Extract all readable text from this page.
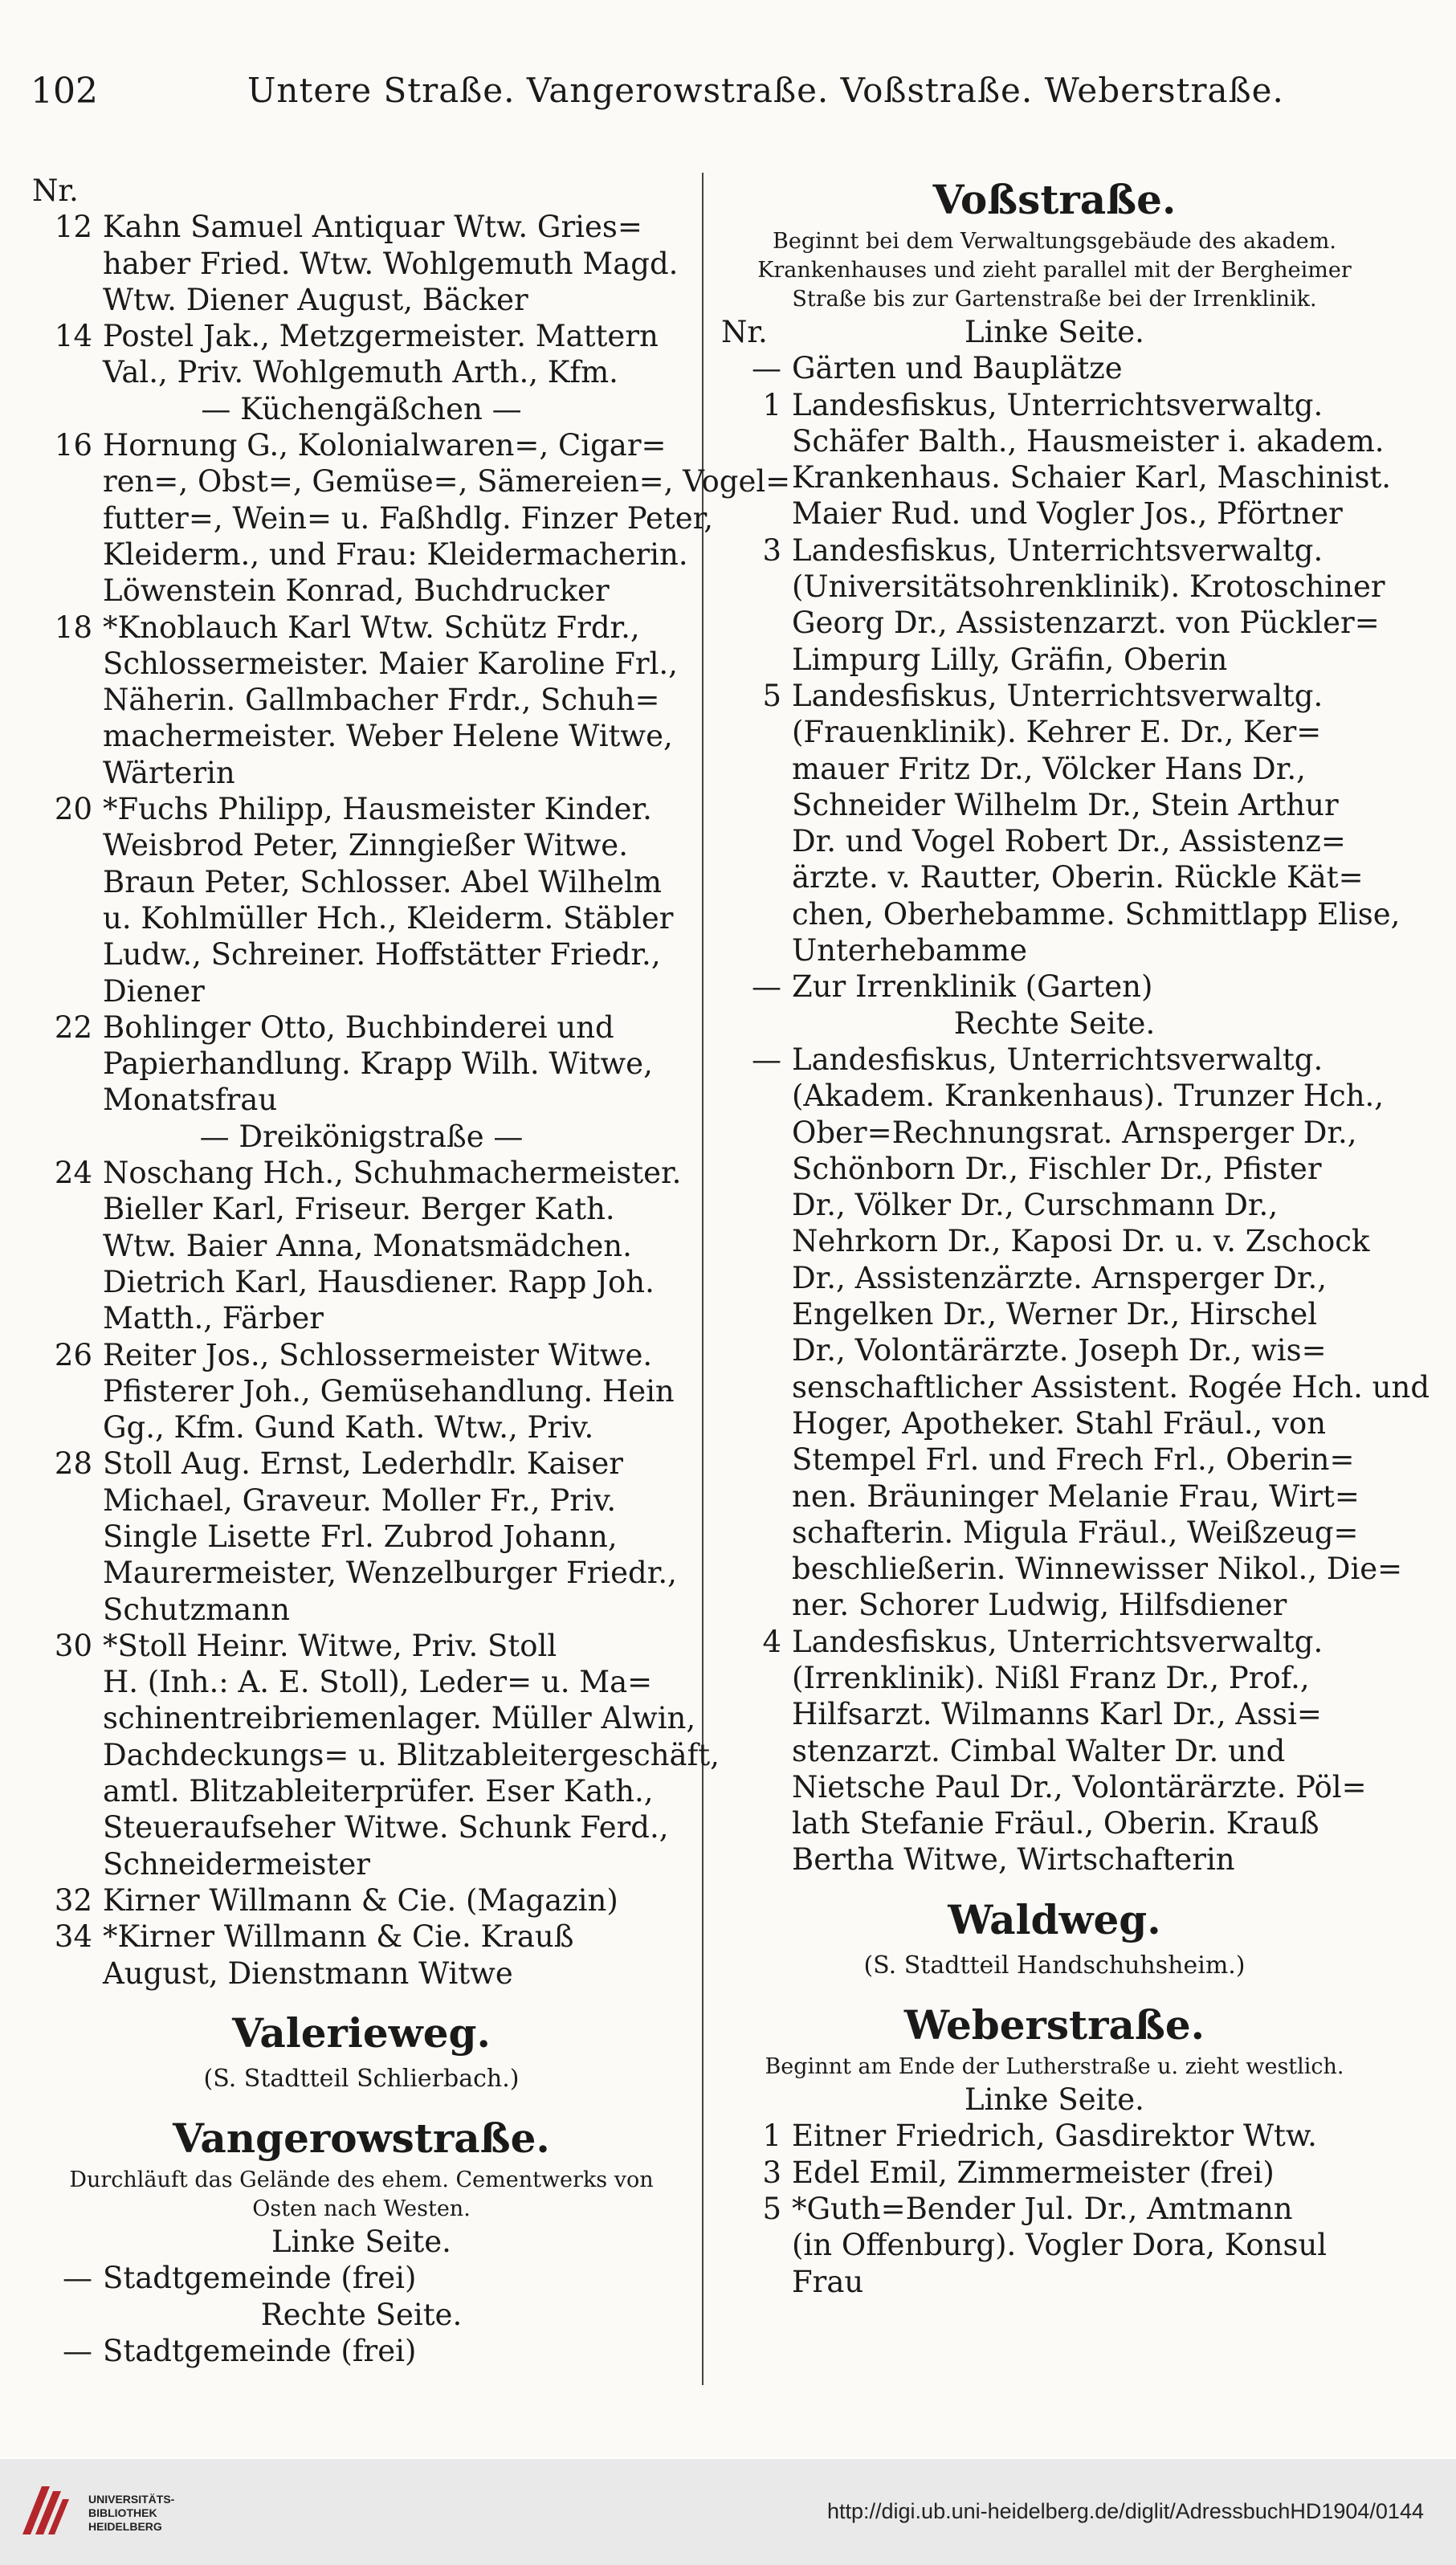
102	Untere Straße. Vangerowstraße. Voßstraße. Weberstraße.
Nr.
12 Kahn Samuel Antiquar Wtw. Gries=
haber Fried. Wtw. Wohlgemuth Magd.
Wtw. Diener August, Bäcker
14 Postel Jak., Metzgermeister. Mattern
Val., Priv. Wohlgemuth Arth., Kfm.
— Küchengäßchen —
16 Hornung G., Kolonialwaren=, Cigar=
ren=, Obst=, Gemüse=, Sämereien=, Vogel=
futter=, Wein= u. Faßhdlg. Finzer Peter,
Kleiderm., und Frau: Kleidermacherin.
Löwenstein Konrad, Buchdrucker
18 *Knoblauch Karl Wtw. Schütz Frdr.,
Schlossermeister. Maier Karoline Frl.,
Näherin. Gallmbacher Frdr., Schuh=
machermeister. Weber Helene Witwe,
Wärterin
20 *Fuchs Philipp, Hausmeister Kinder.
Weisbrod Peter, Zinngießer Witwe.
Braun Peter, Schlosser. Abel Wilhelm
u. Kohlmüller Hch., Kleiderm. Stäbler
Ludw., Schreiner. Hoffstätter Friedr.,
Diener
22 Bohlinger Otto, Buchbinderei und
Papierhandlung. Krapp Wilh. Witwe,
Monatsfrau
— Dreikönigstraße —
24 Noschang Hch., Schuhmachermeister.
Bieller Karl, Friseur. Berger Kath.
Wtw. Baier Anna, Monatsmädchen.
Dietrich Karl, Hausdiener. Rapp Joh.
Matth., Färber
26 Reiter Jos., Schlossermeister Witwe.
Pfisterer Joh., Gemüsehandlung. Hein
Gg., Kfm. Gund Kath. Wtw., Priv.
28 Stoll Aug. Ernst, Lederhdlr. Kaiser
Michael, Graveur. Moller Fr., Priv.
Single Lisette Frl. Zubrod Johann,
Maurermeister, Wenzelburger Friedr.,
Schutzmann
30 *Stoll Heinr. Witwe, Priv. Stoll
H. (Inh.: A. E. Stoll), Leder= u. Ma=
schinentreibriemenlager. Müller Alwin,
Dachdeckungs= u. Blitzableitergeschäft,
amtl. Blitzableiterprüfer. Eser Kath.,
Steueraufseher Witwe. Schunk Ferd.,
Schneidermeister
32 Kirner Willmann & Cie. (Magazin)
34 *Kirner Willmann & Cie. Krauß
August, Dienstmann Witwe
Valerieweg.
(S. Stadtteil Schlierbach.)
Vangerowstraße.
Durchläuft das Gelände des ehem. Cementwerks von
Osten nach Westen.
Linke Seite.
— Stadtgemeinde (frei)
Rechte Seite.
— Stadtgemeinde (frei)
Voßstraße.
Beginnt bei dem Verwaltungsgebäude des akadem.
Krankenhauses und zieht parallel mit der Bergheimer
Straße bis zur Gartenstraße bei der Irrenklinik.
Nr.	Linke Seite.
— Gärten und Bauplätze
1 Landesfiskus, Unterrichtsverwaltg.
Schäfer Balth., Hausmeister i. akadem.
Krankenhaus. Schaier Karl, Maschinist.
Maier Rud. und Vogler Jos., Pförtner
3 Landesfiskus, Unterrichtsverwaltg.
(Universitätsohrenklinik). Krotoschiner
Georg Dr., Assistenzarzt. von Pückler=
Limpurg Lilly, Gräfin, Oberin
5 Landesfiskus, Unterrichtsverwaltg.
(Frauenklinik). Kehrer E. Dr., Ker=
mauer Fritz Dr., Völcker Hans Dr.,
Schneider Wilhelm Dr., Stein Arthur
Dr. und Vogel Robert Dr., Assistenz=
ärzte. v. Rautter, Oberin. Rückle Kät=
chen, Oberhebamme. Schmittlapp Elise,
Unterhebamme
— Zur Irrenklinik (Garten)
Rechte Seite.
— Landesfiskus, Unterrichtsverwaltg.
(Akadem. Krankenhaus). Trunzer Hch.,
Ober=Rechnungsrat. Arnsperger Dr.,
Schönborn Dr., Fischler Dr., Pfister
Dr., Völker Dr., Curschmann Dr.,
Nehrkorn Dr., Kaposi Dr. u. v. Zschock
Dr., Assistenzärzte. Arnsperger Dr.,
Engelken Dr., Werner Dr., Hirschel
Dr., Volontärärzte. Joseph Dr., wis=
senschaftlicher Assistent. Rogée Hch. und
Hoger, Apotheker. Stahl Fräul., von
Stempel Frl. und Frech Frl., Oberin=
nen. Bräuninger Melanie Frau, Wirt=
schafterin. Migula Fräul., Weißzeug=
beschließerin. Winnewisser Nikol., Die=
ner. Schorer Ludwig, Hilfsdiener
4 Landesfiskus, Unterrichtsverwaltg.
(Irrenklinik). Nißl Franz Dr., Prof.,
Hilfsarzt. Wilmanns Karl Dr., Assi=
stenzarzt. Cimbal Walter Dr. und
Nietsche Paul Dr., Volontärärzte. Pöl=
lath Stefanie Fräul., Oberin. Krauß
Bertha Witwe, Wirtschafterin
Waldweg.
(S. Stadtteil Handschuhsheim.)
Weberstraße.
Beginnt am Ende der Lutherstraße u. zieht westlich.
Linke Seite.
1 Eitner Friedrich, Gasdirektor Wtw.
3 Edel Emil, Zimmermeister (frei)
5 *Guth=Bender Jul. Dr., Amtmann
(in Offenburg). Vogler Dora, Konsul
Frau
UNIVERSITÄTS-
BIBLIOTHEK
HEIDELBERG
http://digi.ub.uni-heidelberg.de/diglit/AdressbuchHD1904/0144
